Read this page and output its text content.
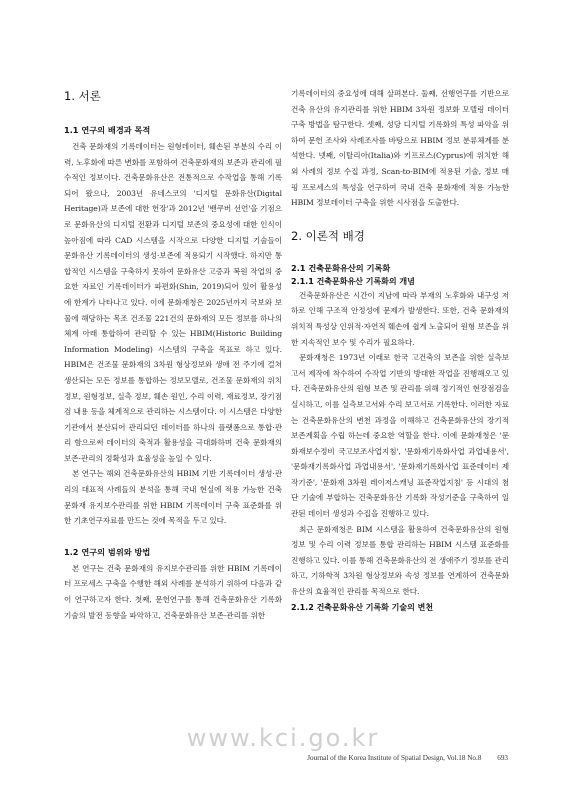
1. 서론
1.1 연구의 배경과 목적

건축 문화재의 기록데이터는 원형데이터, 훼손된 부분의 수리 이력, 노후화에 따른 변화를 포함하여 건축문화재의 보존과 관리에 필수적인 정보이다. 건축문화유산은 전통적으로 수작업을 통해 기록되어 왔으나, 2003년 유네스코의 '디지털 문화유산(Digital Heritage)과 보존에 대한 헌장'과 2012년 '밴쿠버 선언'을 기점으로 문화유산의 디지털 전환과 디지털 보존의 중요성에 대한 인식이 높아짐에 따라 CAD 시스템을 시작으로 다양한 디지털 기술들이 문화유산 기록데이터의 생성·보존에 적용되기 시작했다. 하지만 통합적인 시스템을 구축하지 못하여 문화유산 고증과 복원 작업의 중요한 자료인 기록데이터가 파편화(Shin, 2019)되어 있어 활용성에 한계가 나타나고 있다. 이에 문화재청은 2025년까지 국보와 보물에 해당하는 목조 건조물 221건의 문화재의 모든 정보를 하나의 체계 아래 통합하여 관리할 수 있는 HBIM(Historic Building Information Modeling) 시스템의 구축을 목표로 하고 있다. HBIM은 건조물 문화재의 3차원 형상정보와 생애 전 주기에 걸쳐 생산되는 모든 정보를 통합하는 정보모델로, 건조물 문화재의 위치 정보, 원형정보, 실측 정보, 훼손 원인, 수리 이력, 재료정보, 장기점검 내용 등을 체계적으로 관리하는 시스템이다. 이 시스템은 다양한 기관에서 분산되어 관리되던 데이터를 하나의 플랫폼으로 통합·관리 함으로써 데이터의 축적과 활용성을 극대화하며 건축 문화재의 보존·관리의 정확성과 효율성을 높일 수 있다.

본 연구는 해외 건축문화유산의 HBIM 기반 기록데이터 생성·관리의 대표적 사례들의 분석을 통해 국내 현실에 적용 가능한 건축 문화재 유지보수관리를 위한 HBIM 기록데이터 구축 표준화를 위한 기초연구자료를 만드는 것에 목적을 두고 있다.

1.2 연구의 범위와 방법

본 연구는 건축 문화재의 유지보수관리를 위한 HBIM 기록데이터 프로세스 구축을 수행한 해외 사례를 분석하기 위하여 다음과 같이 연구하고자 한다. 첫째, 문헌연구를 통해 건축문화유산 기록화 기술의 발전 동향을 파악하고, 건축문화유산 보존·관리를 위한

기록데이터의 중요성에 대해 살펴본다. 둘째, 선행연구를 기반으로 건축 유산의 유지관리를 위한 HBIM 3차원 정보화 모델링 데이터 구축 방법을 탐구한다. 셋째, 성당 디지털 기록화의 특성 파악을 위하여 문헌 조사와 사례조사를 바탕으로 HBIM 정보 분류체계를 분석한다. 넷째, 이탈리아(Italia)와 키프로스(Cyprus)에 위치한 해외 사례의 정보 수집 과정, Scan-to-BIM에 적용된 기술, 정보 매핑 프로세스의 특성을 연구하여 국내 건축 문화재에 적용 가능한 HBIM 정보데이터 구축을 위한 시사점을 도출한다.

2. 이론적 배경
2.1 건축문화유산의 기록화
2.1.1 건축문화유산 기록화의 개념

건축문화유산은 시간이 지남에 따라 부재의 노후화와 내구성 저하로 인해 구조적 안정성에 문제가 발생한다. 또한, 건축 문화재의 위치적 특성상 인위적·자연적 훼손에 쉽게 노출되어 원형 보존을 위한 지속적인 보수 및 수리가 필요하다.

문화재청은 1973년 이래로 한국 고건축의 보존을 위한 실측보고서 제작에 착수하여 수작업 기반의 방대한 작업을 진행해오고 있다. 건축문화유산의 원형 보존 및 관리를 위해 정기적인 현장점검을 실시하고, 이를 실측보고서와 수리 보고서로 기록한다. 이러한 자료는 건축문화유산의 변천 과정을 이해하고 건축문화유산의 장기적 보존계획을 수립 하는데 중요한 역할을 한다. 이에 문화재청은 '문화재보수정비 국고보조사업지침', '문화재기록화사업 과업내용서', '문화재기록화사업 과업내용서', '문화재기록화사업 표준데이터 제작기준', '문화재 3차원 레이저스캐닝 표준작업지침' 등 시대의 첨단 기술에 부합하는 건축문화유산 기록화 작성기준을 구축하여 일관된 데이터 생성과 수집을 진행하고 있다.

최근 문화재청은 BIM 시스템을 활용하여 건축문화유산의 원형정보 및 수리 이력 정보를 통합 관리하는 HBIM 시스템 표준화를 진행하고 있다. 이를 통해 건축문화유산의 전 생애주기 정보를 관리하고, 기하학적 3차원 형상정보와 속성 정보를 연계하여 건축문화유산의 효율적인 관리를 목적으로 한다.

2.1.2 건축문화유산 기록화 기술의 변천
www.kci.go.kr
Journal of the Korea Institute of Spatial Design, Vol.18 No.8 693
